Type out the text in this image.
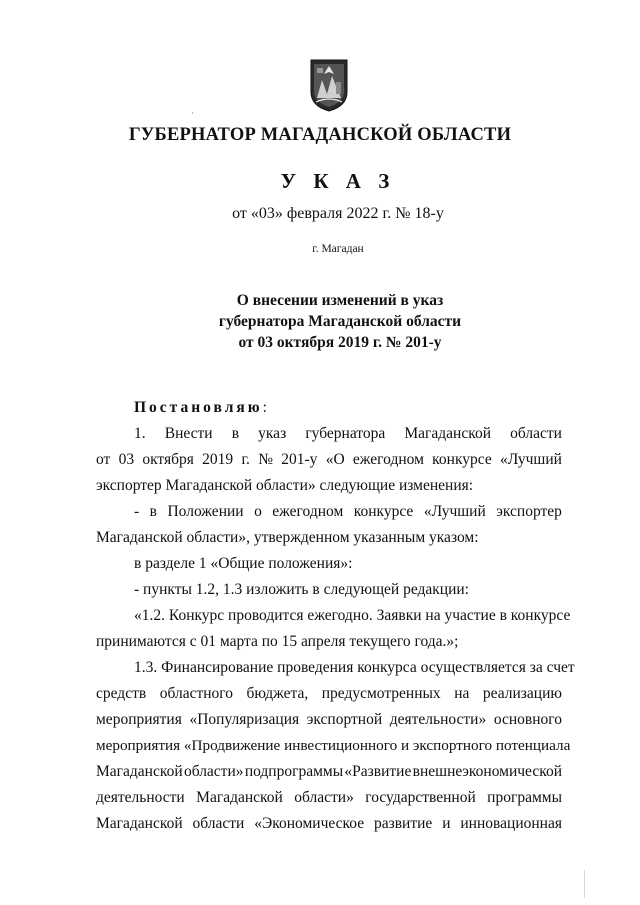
ГУБЕРНАТОР МАГАДАНСКОЙ ОБЛАСТИ
У К А З
от «03» февраля 2022 г. № 18-у
г. Магадан
О внесении изменений в указ
губернатора Магаданской области
от 03 октября 2019 г. № 201-у
Постановляю:
1. Внести в указ губернатора Магаданской области
от 03 октября 2019 г. № 201-у «О ежегодном конкурсе «Лучший
экспортер Магаданской области» следующие изменения:
- в Положении о ежегодном конкурсе «Лучший экспортер
Магаданской области», утвержденном указанным указом:
в разделе 1 «Общие положения»:
- пункты 1.2, 1.3 изложить в следующей редакции:
«1.2. Конкурс проводится ежегодно. Заявки на участие в конкурсе
принимаются с 01 марта по 15 апреля текущего года.»;
1.3. Финансирование проведения конкурса осуществляется за счет
средств областного бюджета, предусмотренных на реализацию
мероприятия «Популяризация экспортной деятельности» основного
мероприятия «Продвижение инвестиционного и экспортного потенциала
Магаданской области» подпрограммы «Развитие внешнеэкономической
деятельности Магаданской области» государственной программы
Магаданской области «Экономическое развитие и инновационная
